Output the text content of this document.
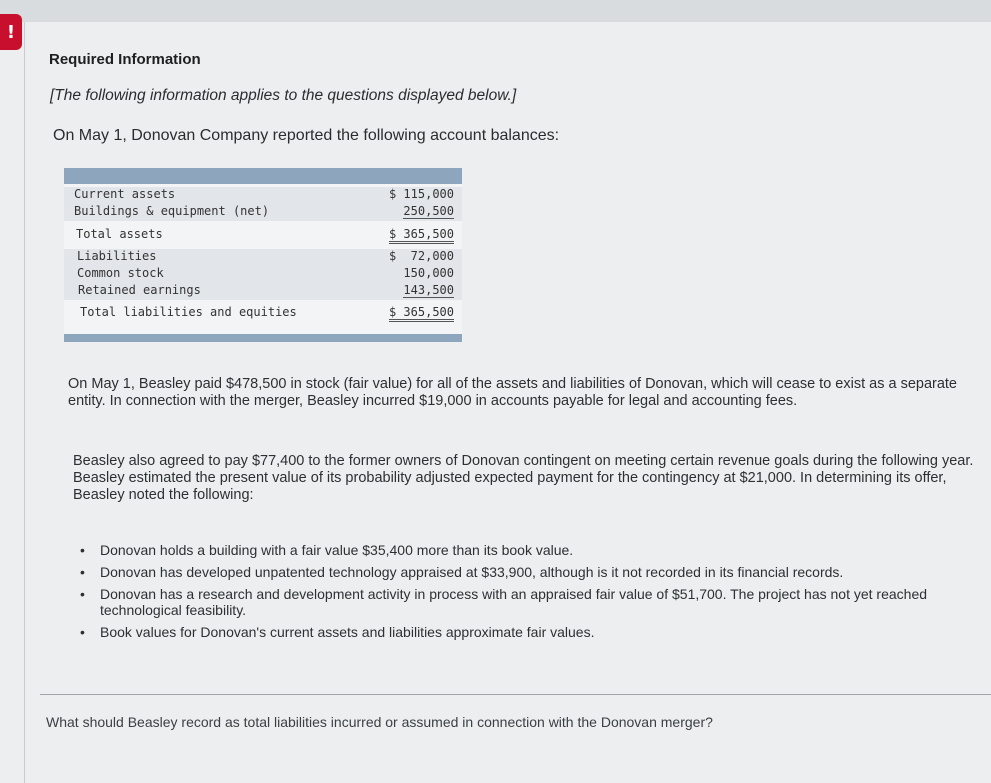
!
Required Information
[The following information applies to the questions displayed below.]
On May 1, Donovan Company reported the following account balances:
Current assets	$ 115,000
Buildings & equipment (net)	250,500
Total assets	$ 365,500
Liabilities	$  72,000
Common stock	150,000
Retained earnings	143,500
Total liabilities and equities	$ 365,500
On May 1, Beasley paid $478,500 in stock (fair value) for all of the assets and liabilities of Donovan, which will cease to exist as a separate entity. In connection with the merger, Beasley incurred $19,000 in accounts payable for legal and accounting fees.
Beasley also agreed to pay $77,400 to the former owners of Donovan contingent on meeting certain revenue goals during the following year. Beasley estimated the present value of its probability adjusted expected payment for the contingency at $21,000. In determining its offer, Beasley noted the following:
• Donovan holds a building with a fair value $35,400 more than its book value.
• Donovan has developed unpatented technology appraised at $33,900, although is it not recorded in its financial records.
• Donovan has a research and development activity in process with an appraised fair value of $51,700. The project has not yet reached technological feasibility.
• Book values for Donovan's current assets and liabilities approximate fair values.
What should Beasley record as total liabilities incurred or assumed in connection with the Donovan merger?
